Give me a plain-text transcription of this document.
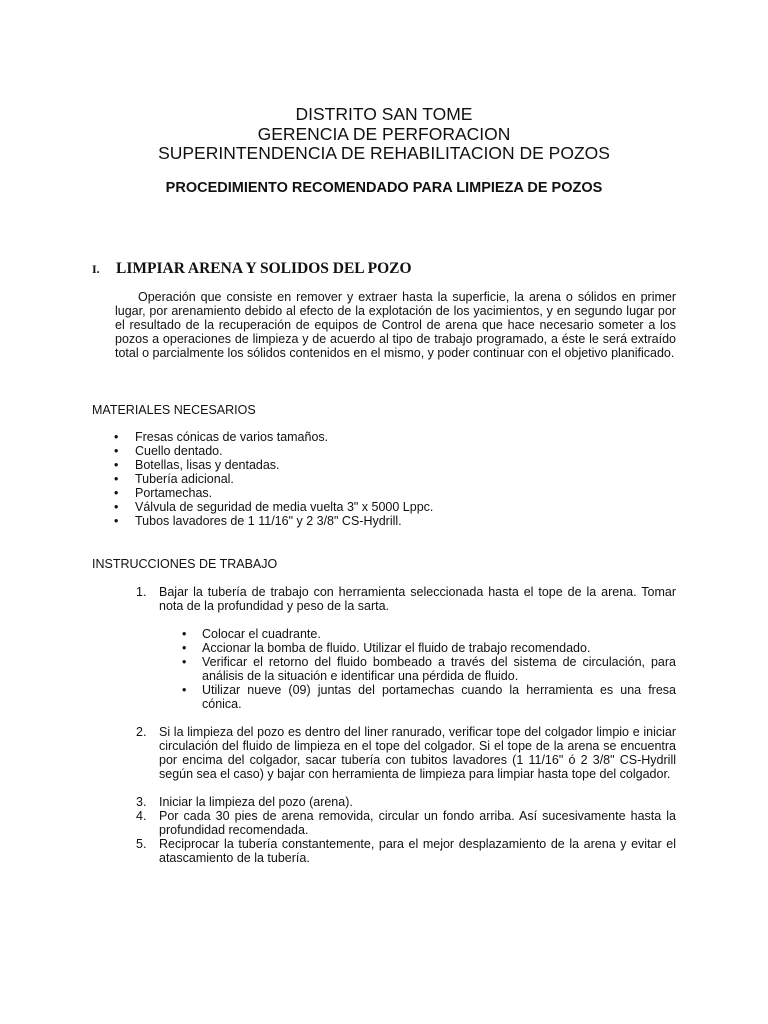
DISTRITO SAN TOME
GERENCIA DE PERFORACION
SUPERINTENDENCIA DE REHABILITACION DE POZOS
PROCEDIMIENTO RECOMENDADO PARA LIMPIEZA DE POZOS
I. LIMPIAR ARENA Y SOLIDOS DEL POZO
Operación que consiste en remover y extraer hasta la superficie, la arena o sólidos en primer lugar, por arenamiento debido al efecto de la explotación de los yacimientos, y en segundo lugar por el resultado de la recuperación de equipos de Control de arena que hace necesario someter a los pozos a operaciones de limpieza y de acuerdo al tipo de trabajo programado, a éste le será extraído total o parcialmente los sólidos contenidos en el mismo, y poder continuar con el objetivo planificado.
MATERIALES NECESARIOS
• Fresas cónicas de varios tamaños.
• Cuello dentado.
• Botellas, lisas y dentadas.
• Tubería adicional.
• Portamechas.
• Válvula de seguridad de media vuelta 3" x 5000 Lppc.
• Tubos lavadores de 1 11/16" y 2 3/8" CS-Hydrill.
INSTRUCCIONES DE TRABAJO
1. Bajar la tubería de trabajo con herramienta seleccionada hasta el tope de la arena. Tomar nota de la profundidad y peso de la sarta.
2. Si la limpieza del pozo es dentro del liner ranurado, verificar tope del colgador limpio e iniciar circulación del fluido de limpieza en el tope del colgador. Si el tope de la arena se encuentra por encima del colgador, sacar tubería con tubitos lavadores (1 11/16" ó 2 3/8" CS-Hydrill según sea el caso) y bajar con herramienta de limpieza para limpiar hasta tope del colgador.
3. Iniciar la limpieza del pozo (arena).
4. Por cada 30 pies de arena removida, circular un fondo arriba. Así sucesivamente hasta la profundidad recomendada.
5. Reciprocar la tubería constantemente, para el mejor desplazamiento de la arena y evitar el atascamiento de la tubería.
• Colocar el cuadrante.
• Accionar la bomba de fluido. Utilizar el fluido de trabajo recomendado.
• Verificar el retorno del fluido bombeado a través del sistema de circulación, para análisis de la situación e identificar una pérdida de fluido.
• Utilizar nueve (09) juntas del portamechas cuando la herramienta es una fresa cónica.
